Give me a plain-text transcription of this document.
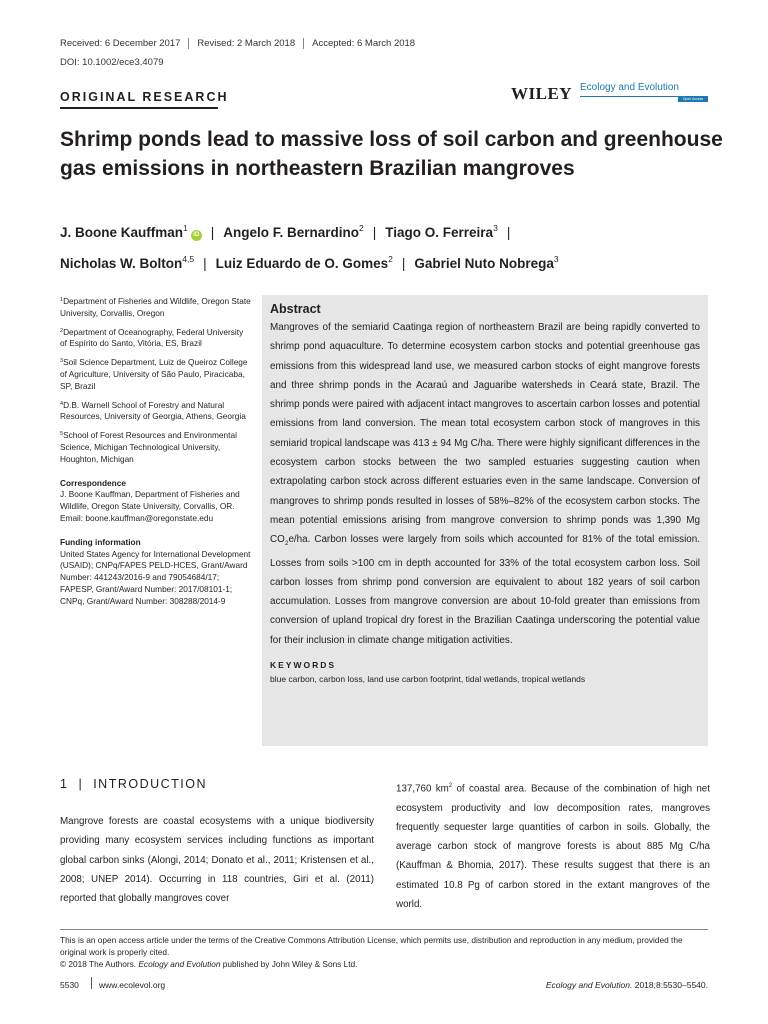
Received: 6 December 2017 Revised: 2 March 2018 Accepted: 6 March 2018
DOI: 10.1002/ece3.4079
ORIGINAL RESEARCH	WILEY Ecology and Evolution
Open Access
Shrimp ponds lead to massive loss of soil carbon and greenhouse gas emissions in northeastern Brazilian mangroves
J. Boone Kauffman$^1$iD | Angelo F. Bernardino$^2$ | Tiago O. Ferreira$^3$ |
Nicholas W. Bolton$^{4,5}$ | Luiz Eduardo de O. Gomes$^2$ | Gabriel Nuto Nobrega$^3$
$^1$Department of Fisheries and Wildlife, Oregon State University, Corvallis, Oregon
$^2$Department of Oceanography, Federal University of Espírito do Santo, Vitória, ES, Brazil
$^3$Soil Science Department, Luiz de Queiroz College of Agriculture, University of São Paulo, Piracicaba, SP, Brazil
$^4$D.B. Warnell School of Forestry and Natural Resources, University of Georgia, Athens, Georgia
$^5$School of Forest Resources and Environmental Science, Michigan Technological University, Houghton, Michigan
Correspondence
J. Boone Kauffman, Department of Fisheries and Wildlife, Oregon State University, Corvallis, OR.
Email: boone.kauffman@oregonstate.edu
Funding information
United States Agency for International Development (USAID); CNPq/FAPES PELD-HCES, Grant/Award Number: 441243/2016-9 and 79054684/17; FAPESP, Grant/Award Number: 2017/08101-1; CNPq, Grant/Award Number: 308288/2014-9
Abstract
Mangroves of the semiarid Caatinga region of northeastern Brazil are being rapidly converted to shrimp pond aquaculture. To determine ecosystem carbon stocks and potential greenhouse gas emissions from this widespread land use, we measured carbon stocks of eight mangrove forests and three shrimp ponds in the Acaraú and Jaguaribe watersheds in Ceará state, Brazil. The shrimp ponds were paired with adjacent intact mangroves to ascertain carbon losses and potential emissions from land conversion. The mean total ecosystem carbon stock of mangroves in this semiarid tropical landscape was 413 ± 94 Mg C/ha. There were highly significant differences in the ecosystem carbon stocks between the two sampled estuaries suggesting caution when extrapolating carbon stock across different estuaries even in the same landscape. Conversion of mangroves to shrimp ponds resulted in losses of 58%–82% of the ecosystem carbon stocks. The mean potential emissions arising from mangrove conversion to shrimp ponds was 1,390 Mg $CO_2e/ha$. Carbon losses were largely from soils which accounted for 81% of the total emission. Losses from soils >100 cm in depth accounted for 33% of the total ecosystem carbon loss. Soil carbon losses from shrimp pond conversion are equivalent to about 182 years of soil carbon accumulation. Losses from mangrove conversion are about 10-fold greater than emissions from conversion of upland tropical dry forest in the Brazilian Caatinga underscoring the potential value for their inclusion in climate change mitigation activities.
KEYWORDS
blue carbon, carbon loss, land use carbon footprint, tidal wetlands, tropical wetlands
1 | INTRODUCTION
Mangrove forests are coastal ecosystems with a unique biodiversity providing many ecosystem services including functions as important global carbon sinks (Alongi, 2014; Donato et al., 2011; Kristensen et al., 2008; UNEP 2014). Occurring in 118 countries, Giri et al. (2011) reported that globally mangroves cover
137,760 $km^2$ of coastal area. Because of the combination of high net ecosystem productivity and low decomposition rates, mangroves frequently sequester large quantities of carbon in soils. Globally, the average carbon stock of mangrove forests is about 885 Mg C/ha (Kauffman & Bhomia, 2017). These results suggest that there is an estimated 10.8 Pg of carbon stored in the extant mangroves of the world.
This is an open access article under the terms of the Creative Commons Attribution License, which permits use, distribution and reproduction in any medium, provided the original work is properly cited.
© 2018 The Authors. Ecology and Evolution published by John Wiley & Sons Ltd.
5530 www.ecolevol.org	Ecology and Evolution. 2018;8:5530–5540.
